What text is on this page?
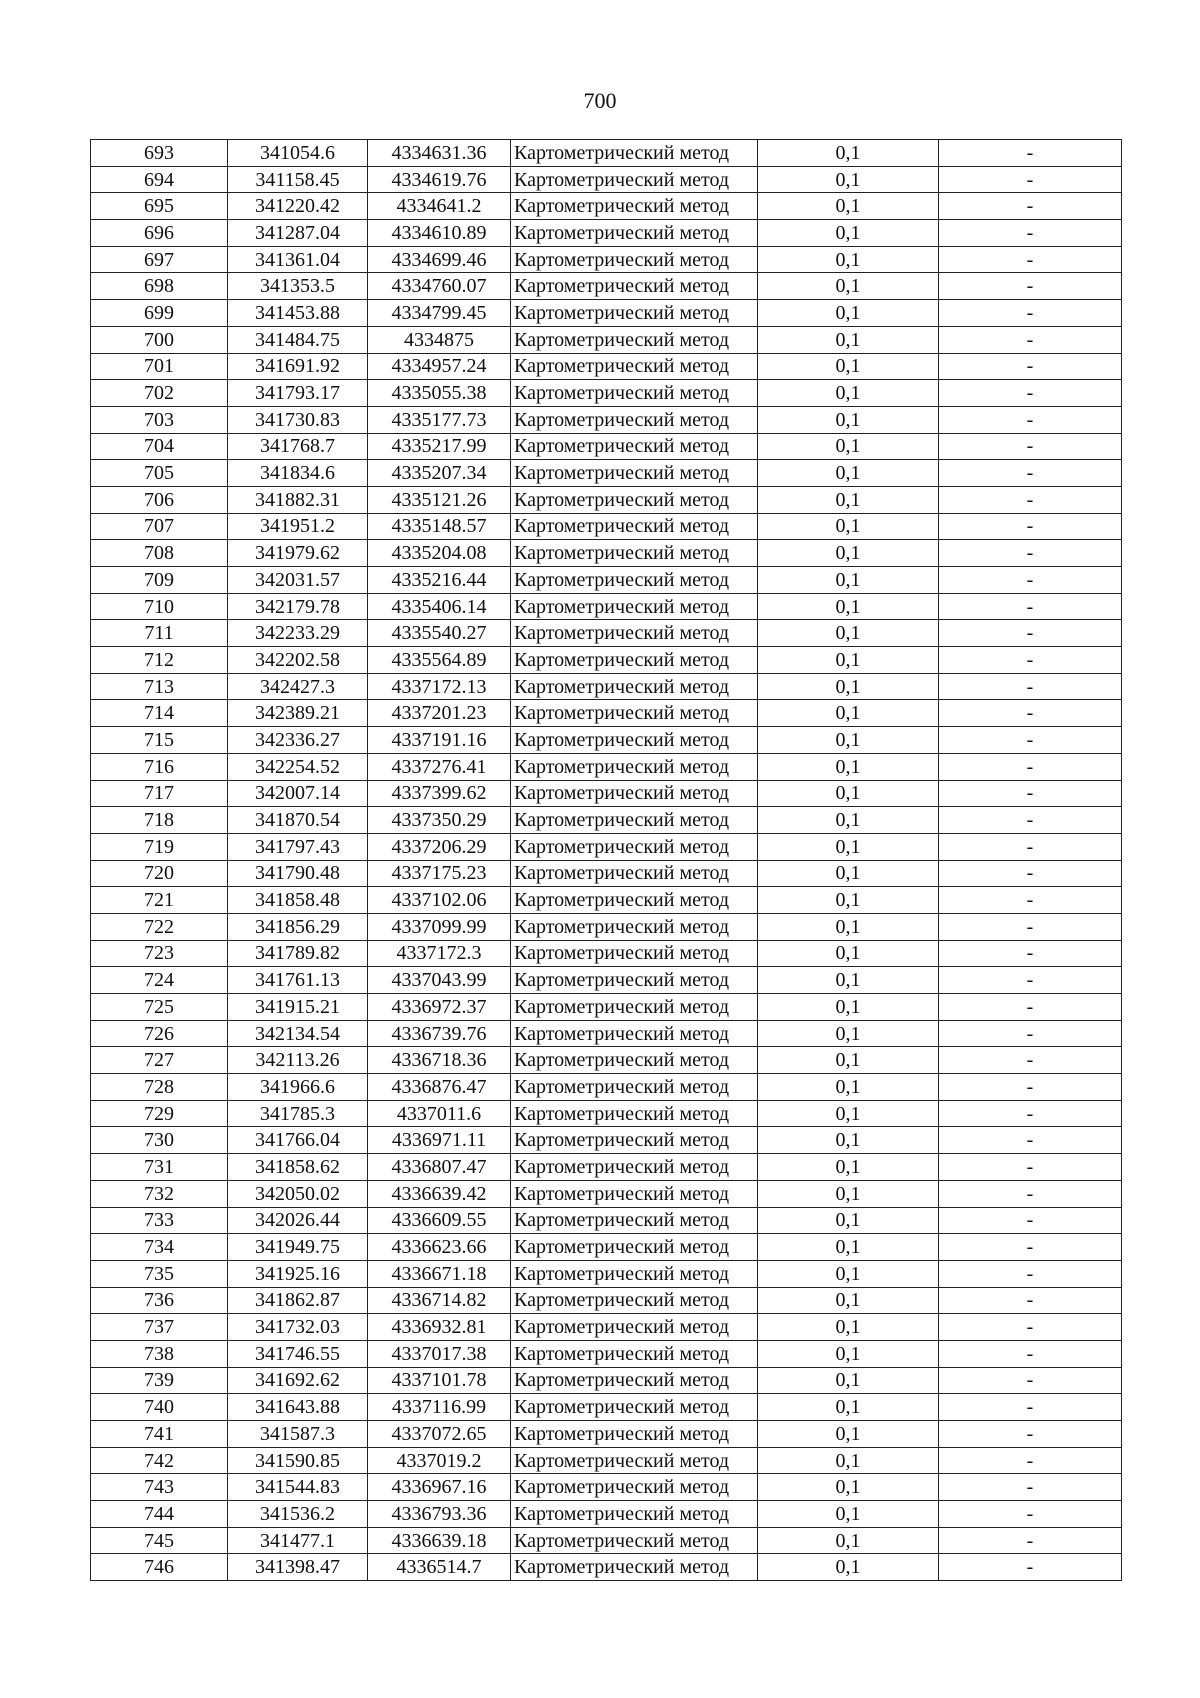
700
693	341054.6	4334631.36	Картометрический метод	0,1	-
694	341158.45	4334619.76	Картометрический метод	0,1	-
695	341220.42	4334641.2	Картометрический метод	0,1	-
696	341287.04	4334610.89	Картометрический метод	0,1	-
697	341361.04	4334699.46	Картометрический метод	0,1	-
698	341353.5	4334760.07	Картометрический метод	0,1	-
699	341453.88	4334799.45	Картометрический метод	0,1	-
700	341484.75	4334875	Картометрический метод	0,1	-
701	341691.92	4334957.24	Картометрический метод	0,1	-
702	341793.17	4335055.38	Картометрический метод	0,1	-
703	341730.83	4335177.73	Картометрический метод	0,1	-
704	341768.7	4335217.99	Картометрический метод	0,1	-
705	341834.6	4335207.34	Картометрический метод	0,1	-
706	341882.31	4335121.26	Картометрический метод	0,1	-
707	341951.2	4335148.57	Картометрический метод	0,1	-
708	341979.62	4335204.08	Картометрический метод	0,1	-
709	342031.57	4335216.44	Картометрический метод	0,1	-
710	342179.78	4335406.14	Картометрический метод	0,1	-
711	342233.29	4335540.27	Картометрический метод	0,1	-
712	342202.58	4335564.89	Картометрический метод	0,1	-
713	342427.3	4337172.13	Картометрический метод	0,1	-
714	342389.21	4337201.23	Картометрический метод	0,1	-
715	342336.27	4337191.16	Картометрический метод	0,1	-
716	342254.52	4337276.41	Картометрический метод	0,1	-
717	342007.14	4337399.62	Картометрический метод	0,1	-
718	341870.54	4337350.29	Картометрический метод	0,1	-
719	341797.43	4337206.29	Картометрический метод	0,1	-
720	341790.48	4337175.23	Картометрический метод	0,1	-
721	341858.48	4337102.06	Картометрический метод	0,1	-
722	341856.29	4337099.99	Картометрический метод	0,1	-
723	341789.82	4337172.3	Картометрический метод	0,1	-
724	341761.13	4337043.99	Картометрический метод	0,1	-
725	341915.21	4336972.37	Картометрический метод	0,1	-
726	342134.54	4336739.76	Картометрический метод	0,1	-
727	342113.26	4336718.36	Картометрический метод	0,1	-
728	341966.6	4336876.47	Картометрический метод	0,1	-
729	341785.3	4337011.6	Картометрический метод	0,1	-
730	341766.04	4336971.11	Картометрический метод	0,1	-
731	341858.62	4336807.47	Картометрический метод	0,1	-
732	342050.02	4336639.42	Картометрический метод	0,1	-
733	342026.44	4336609.55	Картометрический метод	0,1	-
734	341949.75	4336623.66	Картометрический метод	0,1	-
735	341925.16	4336671.18	Картометрический метод	0,1	-
736	341862.87	4336714.82	Картометрический метод	0,1	-
737	341732.03	4336932.81	Картометрический метод	0,1	-
738	341746.55	4337017.38	Картометрический метод	0,1	-
739	341692.62	4337101.78	Картометрический метод	0,1	-
740	341643.88	4337116.99	Картометрический метод	0,1	-
741	341587.3	4337072.65	Картометрический метод	0,1	-
742	341590.85	4337019.2	Картометрический метод	0,1	-
743	341544.83	4336967.16	Картометрический метод	0,1	-
744	341536.2	4336793.36	Картометрический метод	0,1	-
745	341477.1	4336639.18	Картометрический метод	0,1	-
746	341398.47	4336514.7	Картометрический метод	0,1	-
